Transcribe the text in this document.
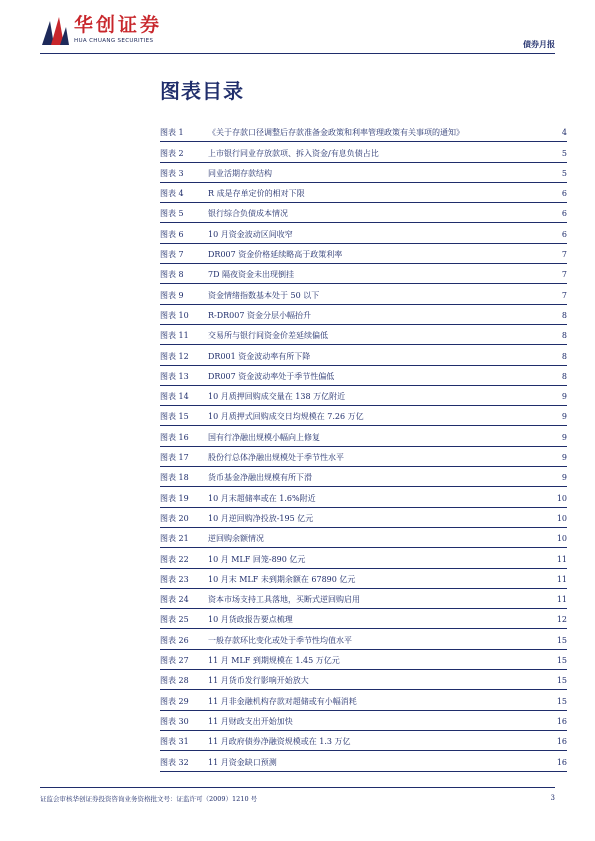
华创证券
HUA CHUANG SECURITIES	债券月报
图表目录
图表 1	《关于存款口径调整后存款准备金政策和利率管理政策有关事项的通知》	4
图表 2	上市银行同业存放款项、拆入资金/有息负债占比	5
图表 3	同业活期存款结构	5
图表 4	R 成是存单定价的相对下限	6
图表 5	银行综合负债成本情况	6
图表 6	10 月资金波动区间收窄	6
图表 7	DR007 资金价格延续略高于政策利率	7
图表 8	7D 隔夜资金未出现倒挂	7
图表 9	资金情绪指数基本处于 50 以下	7
图表 10	R-DR007 资金分层小幅抬升	8
图表 11	交易所与银行间资金价差延续偏低	8
图表 12	DR001 资金波动率有所下降	8
图表 13	DR007 资金波动率处于季节性偏低	8
图表 14	10 月质押回购成交量在 138 万亿附近	9
图表 15	10 月质押式回购成交日均规模在 7.26 万亿	9
图表 16	国有行净融出规模小幅向上修复	9
图表 17	股份行总体净融出规模处于季节性水平	9
图表 18	货币基金净融出规模有所下滑	9
图表 19	10 月末超储率或在 1.6%附近	10
图表 20	10 月逆回购净投放-195 亿元	10
图表 21	逆回购余额情况	10
图表 22	10 月 MLF 回笼-890 亿元	11
图表 23	10 月末 MLF 未到期余额在 67890 亿元	11
图表 24	资本市场支持工具落地，买断式逆回购启用	11
图表 25	10 月货政报告要点梳理	12
图表 26	一般存款环比变化或处于季节性均值水平	15
图表 27	11 月 MLF 到期规模在 1.45 万亿元	15
图表 28	11 月货币发行影响开始放大	15
图表 29	11 月非金融机构存款对超储或有小幅消耗	15
图表 30	11 月财政支出开始加快	16
图表 31	11 月政府债券净融资规模或在 1.3 万亿	16
图表 32	11 月资金缺口预测	16
证监会审核华创证券投资咨询业务资格批文号：证监许可（2009）1210 号	3
